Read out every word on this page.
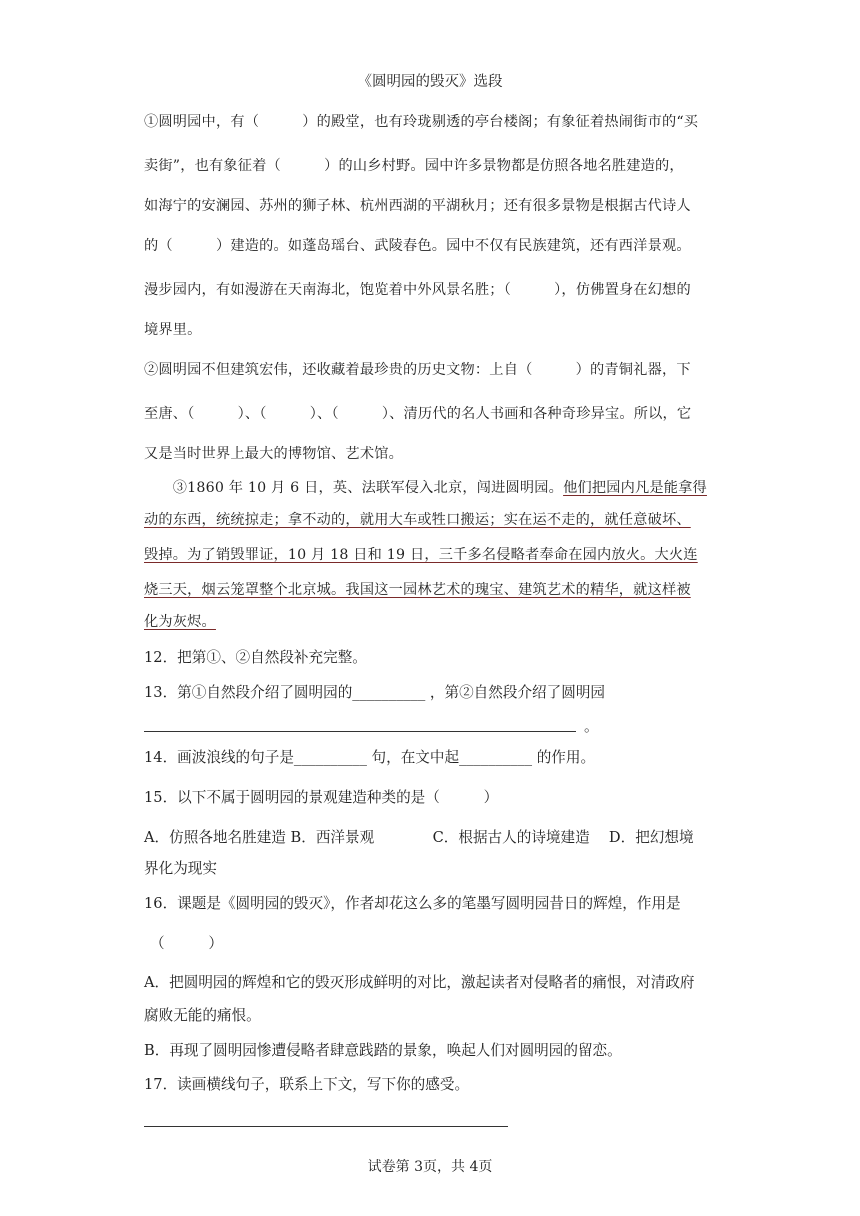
《圆明园的毁灭》选段
①圆明园中，有（　　　）的殿堂，也有玲珑剔透的亭台楼阁；有象征着热闹街市的“买
卖街”，也有象征着（　　　）的山乡村野。园中许多景物都是仿照各地名胜建造的，
如海宁的安澜园、苏州的狮子林、杭州西湖的平湖秋月；还有很多景物是根据古代诗人
的（　　　）建造的。如蓬岛瑶台、武陵春色。园中不仅有民族建筑，还有西洋景观。
漫步园内，有如漫游在天南海北，饱览着中外风景名胜；（　　　），仿佛置身在幻想的
境界里。
②圆明园不但建筑宏伟，还收藏着最珍贵的历史文物：上自（　　　）的青铜礼器，下
至唐、（　　　）、（　　　）、（　　　）、清历代的名人书画和各种奇珍异宝。所以，它
又是当时世界上最大的博物馆、艺术馆。
　　③1860 年 10 月 6 日，英、法联军侵入北京，闯进圆明园。他们把园内凡是能拿得
动的东西，统统掠走；拿不动的，就用大车或牲口搬运；实在运不走的，就任意破坏、
毁掉。为了销毁罪证，10 月 18 日和 19 日，三千多名侵略者奉命在园内放火。大火连
烧三天，烟云笼罩整个北京城。我国这一园林艺术的瑰宝、建筑艺术的精华，就这样被
化为灰烬。
12．把第①、②自然段补充完整。
13．第①自然段介绍了圆明园的__________ ，第②自然段介绍了圆明园
。
14．画波浪线的句子是__________ 句，在文中起__________ 的作用。
15．以下不属于圆明园的景观建造种类的是（　　　）
A．仿照各地名胜建造 B．西洋景观　　　　C．根据古人的诗境建造　 D．把幻想境
界化为现实
16．课题是《圆明园的毁灭》，作者却花这么多的笔墨写圆明园昔日的辉煌，作用是
（　　　）
A．把圆明园的辉煌和它的毁灭形成鲜明的对比，激起读者对侵略者的痛恨，对清政府
腐败无能的痛恨。
B．再现了圆明园惨遭侵略者肆意践踏的景象，唤起人们对圆明园的留恋。
17．读画横线句子，联系上下文，写下你的感受。
试卷第 3页，共 4页
